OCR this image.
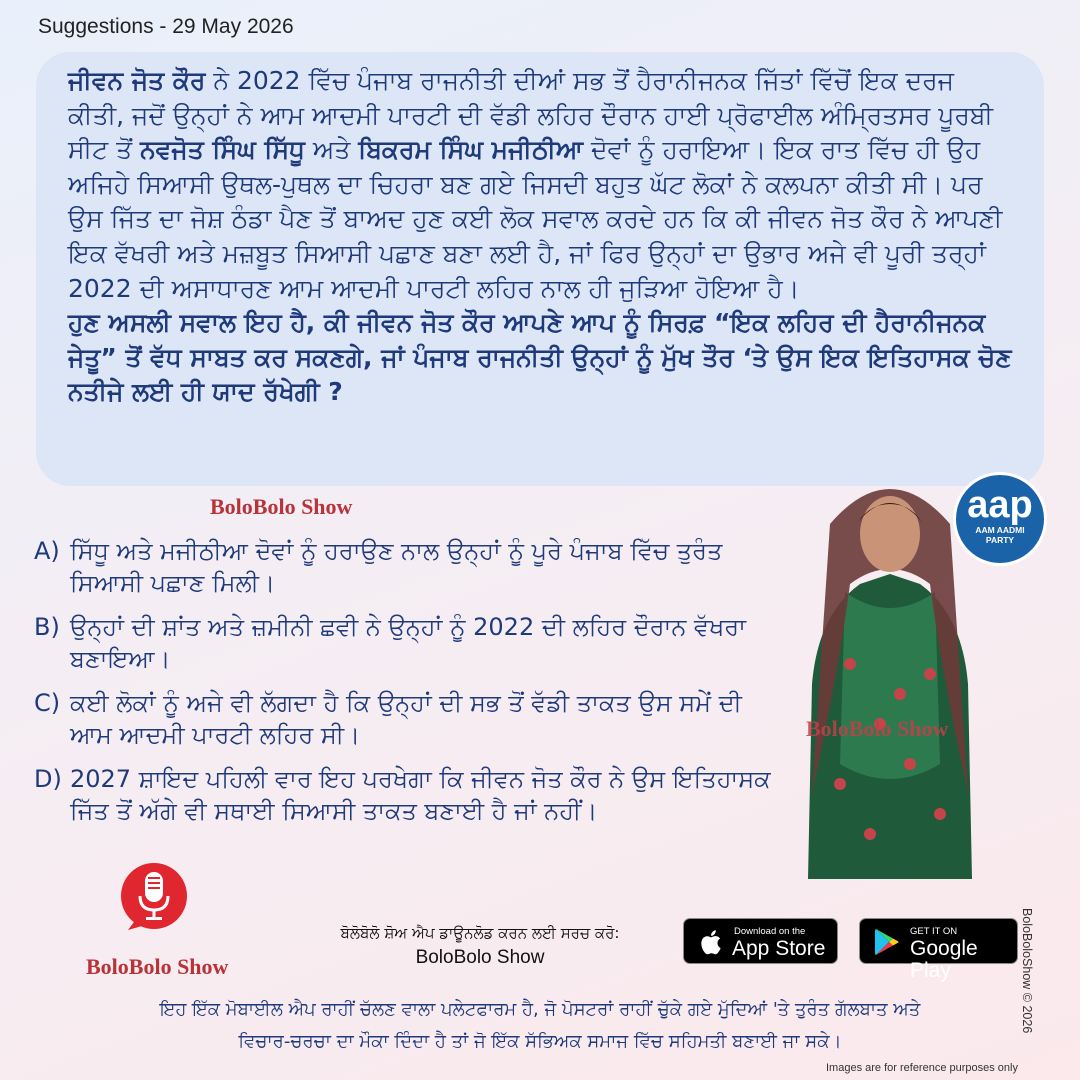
Suggestions - 29 May 2026

ਜੀਵਨ ਜੋਤ ਕੌਰ ਨੇ 2022 ਵਿੱਚ ਪੰਜਾਬ ਰਾਜਨੀਤੀ ਦੀਆਂ ਸਭ ਤੋਂ ਹੈਰਾਨੀਜਨਕ ਜਿੱਤਾਂ ਵਿੱਚੋਂ ਇਕ ਦਰਜ ਕੀਤੀ, ਜਦੋਂ ਉਨ੍ਹਾਂ ਨੇ ਆਮ ਆਦਮੀ ਪਾਰਟੀ ਦੀ ਵੱਡੀ ਲਹਿਰ ਦੌਰਾਨ ਹਾਈ ਪ੍ਰੋਫਾਈਲ ਅੰਮ੍ਰਿਤਸਰ ਪੂਰਬੀ ਸੀਟ ਤੋਂ ਨਵਜੋਤ ਸਿੰਘ ਸਿੱਧੂ ਅਤੇ ਬਿਕਰਮ ਸਿੰਘ ਮਜੀਠੀਆ ਦੋਵਾਂ ਨੂੰ ਹਰਾਇਆ। ਇਕ ਰਾਤ ਵਿੱਚ ਹੀ ਉਹ ਅਜਿਹੇ ਸਿਆਸੀ ਉਥਲ-ਪੁਥਲ ਦਾ ਚਿਹਰਾ ਬਣ ਗਏ ਜਿਸਦੀ ਬਹੁਤ ਘੱਟ ਲੋਕਾਂ ਨੇ ਕਲਪਨਾ ਕੀਤੀ ਸੀ। ਪਰ ਉਸ ਜਿੱਤ ਦਾ ਜੋਸ਼ ਠੰਡਾ ਪੈਣ ਤੋਂ ਬਾਅਦ ਹੁਣ ਕਈ ਲੋਕ ਸਵਾਲ ਕਰਦੇ ਹਨ ਕਿ ਕੀ ਜੀਵਨ ਜੋਤ ਕੌਰ ਨੇ ਆਪਣੀ ਇਕ ਵੱਖਰੀ ਅਤੇ ਮਜ਼ਬੂਤ ਸਿਆਸੀ ਪਛਾਣ ਬਣਾ ਲਈ ਹੈ, ਜਾਂ ਫਿਰ ਉਨ੍ਹਾਂ ਦਾ ਉਭਾਰ ਅਜੇ ਵੀ ਪੂਰੀ ਤਰ੍ਹਾਂ 2022 ਦੀ ਅਸਾਧਾਰਣ ਆਮ ਆਦਮੀ ਪਾਰਟੀ ਲਹਿਰ ਨਾਲ ਹੀ ਜੁੜਿਆ ਹੋਇਆ ਹੈ।

ਹੁਣ ਅਸਲੀ ਸਵਾਲ ਇਹ ਹੈ, ਕੀ ਜੀਵਨ ਜੋਤ ਕੌਰ ਆਪਣੇ ਆਪ ਨੂੰ ਸਿਰਫ਼ “ਇਕ ਲਹਿਰ ਦੀ ਹੈਰਾਨੀਜਨਕ ਜੇਤੂ” ਤੋਂ ਵੱਧ ਸਾਬਤ ਕਰ ਸਕਣਗੇ, ਜਾਂ ਪੰਜਾਬ ਰਾਜਨੀਤੀ ਉਨ੍ਹਾਂ ਨੂੰ ਮੁੱਖ ਤੌਰ ‘ਤੇ ਉਸ ਇਕ ਇਤਿਹਾਸਕ ਚੋਣ ਨਤੀਜੇ ਲਈ ਹੀ ਯਾਦ ਰੱਖੇਗੀ ?

BoloBolo Show
A) ਸਿੱਧੂ ਅਤੇ ਮਜੀਠੀਆ ਦੋਵਾਂ ਨੂੰ ਹਰਾਉਣ ਨਾਲ ਉਨ੍ਹਾਂ ਨੂੰ ਪੂਰੇ ਪੰਜਾਬ ਵਿੱਚ ਤੁਰੰਤ ਸਿਆਸੀ ਪਛਾਣ ਮਿਲੀ।
B) ਉਨ੍ਹਾਂ ਦੀ ਸ਼ਾਂਤ ਅਤੇ ਜ਼ਮੀਨੀ ਛਵੀ ਨੇ ਉਨ੍ਹਾਂ ਨੂੰ 2022 ਦੀ ਲਹਿਰ ਦੌਰਾਨ ਵੱਖਰਾ ਬਣਾਇਆ।
C) ਕਈ ਲੋਕਾਂ ਨੂੰ ਅਜੇ ਵੀ ਲੱਗਦਾ ਹੈ ਕਿ ਉਨ੍ਹਾਂ ਦੀ ਸਭ ਤੋਂ ਵੱਡੀ ਤਾਕਤ ਉਸ ਸਮੇਂ ਦੀ ਆਮ ਆਦਮੀ ਪਾਰਟੀ ਲਹਿਰ ਸੀ।
D) 2027 ਸ਼ਾਇਦ ਪਹਿਲੀ ਵਾਰ ਇਹ ਪਰਖੇਗਾ ਕਿ ਜੀਵਨ ਜੋਤ ਕੌਰ ਨੇ ਉਸ ਇਤਿਹਾਸਕ ਜਿੱਤ ਤੋਂ ਅੱਗੇ ਵੀ ਸਥਾਈ ਸਿਆਸੀ ਤਾਕਤ ਬਣਾਈ ਹੈ ਜਾਂ ਨਹੀਂ।
aap
AAM AADMI
PARTY
BoloBolo Show
BoloBolo Show
ਬੋਲੋਬੋਲੋ ਸ਼ੋਅ ਐਪ ਡਾਊਨਲੋਡ ਕਰਨ ਲਈ ਸਰਚ ਕਰੋ:
BoloBolo Show
Download on the
App Store
GET IT ON
Google Play
ਇਹ ਇੱਕ ਮੋਬਾਈਲ ਐਪ ਰਾਹੀਂ ਚੱਲਣ ਵਾਲਾ ਪਲੇਟਫਾਰਮ ਹੈ, ਜੋ ਪੋਸਟਰਾਂ ਰਾਹੀਂ ਚੁੱਕੇ ਗਏ ਮੁੱਦਿਆਂ 'ਤੇ ਤੁਰੰਤ ਗੱਲਬਾਤ ਅਤੇ
ਵਿਚਾਰ-ਚਰਚਾ ਦਾ ਮੌਕਾ ਦਿੰਦਾ ਹੈ ਤਾਂ ਜੋ ਇੱਕ ਸੱਭਿਅਕ ਸਮਾਜ ਵਿੱਚ ਸਹਿਮਤੀ ਬਣਾਈ ਜਾ ਸਕੇ।
BoloBoloShow © 2026
Images are for reference purposes only
